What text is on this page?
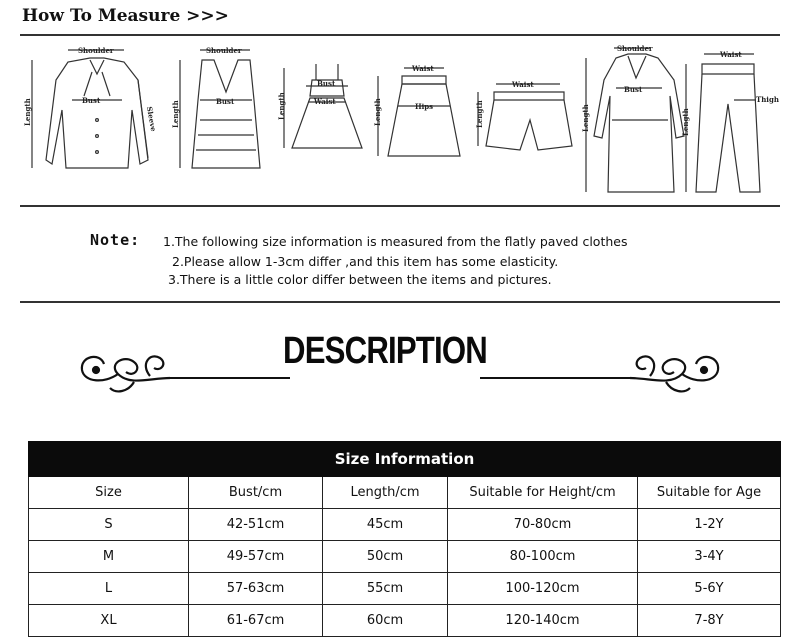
How To Measure >>>
Shoulder
Bust
Length	Sleeve
Shoulder
Bust
Length
Bust
Waist
Length
Waist
Hips
Length
Waist
Length
Shoulder
Bust
Length
Waist
Thigh
Length
Note: 1.The following size information is measured from the flatly paved clothes
2.Please allow 1-3cm differ ,and this item has some elasticity.
3.There is a little color differ between the items and pictures.
DESCRIPTION
Size Information				
Size	Bust/cm	Length/cm	Suitable for Height/cm	Suitable for Age
S	42-51cm	45cm	70-80cm	1-2Y
M	49-57cm	50cm	80-100cm	3-4Y
L	57-63cm	55cm	100-120cm	5-6Y
XL	61-67cm	60cm	120-140cm	7-8Y
